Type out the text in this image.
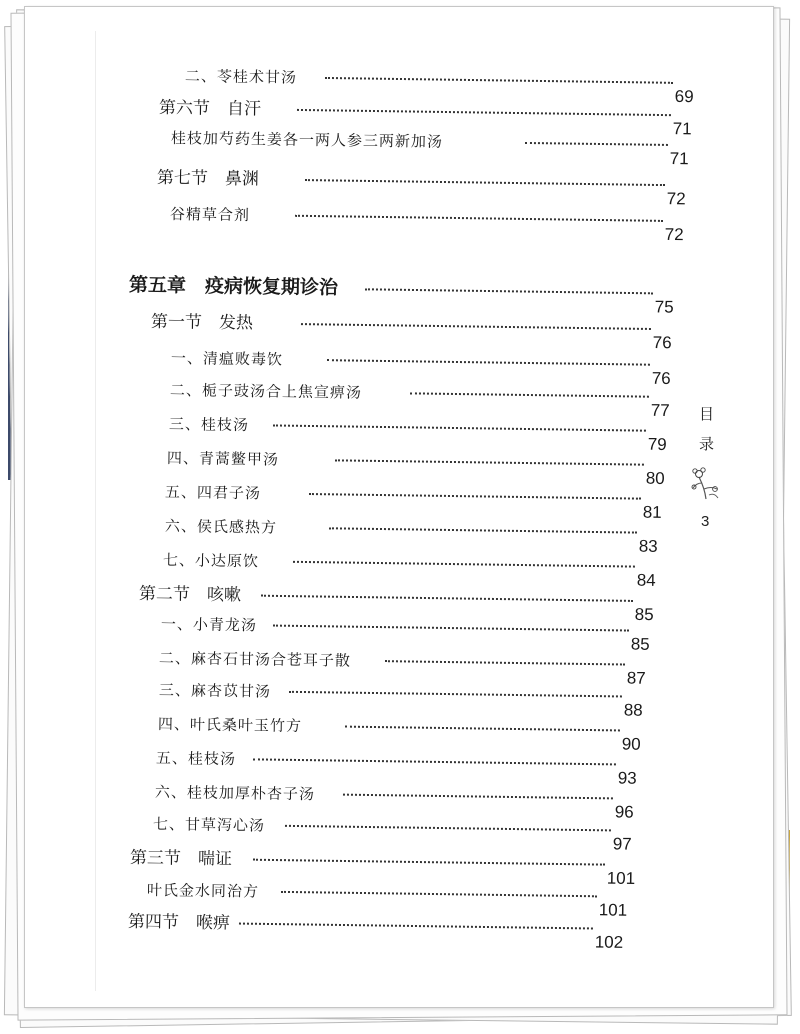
二、苓桂术甘汤
69
第六节　自汗
71
桂枝加芍药生姜各一两人参三两新加汤
71
第七节　鼻渊
72
谷精草合剂
72
第五章　疫病恢复期诊治
75
第一节　发热
76
一、清瘟败毒饮
76
二、栀子豉汤合上焦宣痹汤
77
三、桂枝汤
79
四、青蒿鳖甲汤
80
五、四君子汤
81
六、侯氏感热方
83
七、小达原饮
84
第二节　咳嗽
85
一、小青龙汤
85
二、麻杏石甘汤合苍耳子散
87
三、麻杏苡甘汤
88
四、叶氏桑叶玉竹方
90
五、桂枝汤
93
六、桂枝加厚朴杏子汤
96
七、甘草泻心汤
97
第三节　喘证
101
叶氏金水同治方
101
第四节　喉痹
102
目
录
3
